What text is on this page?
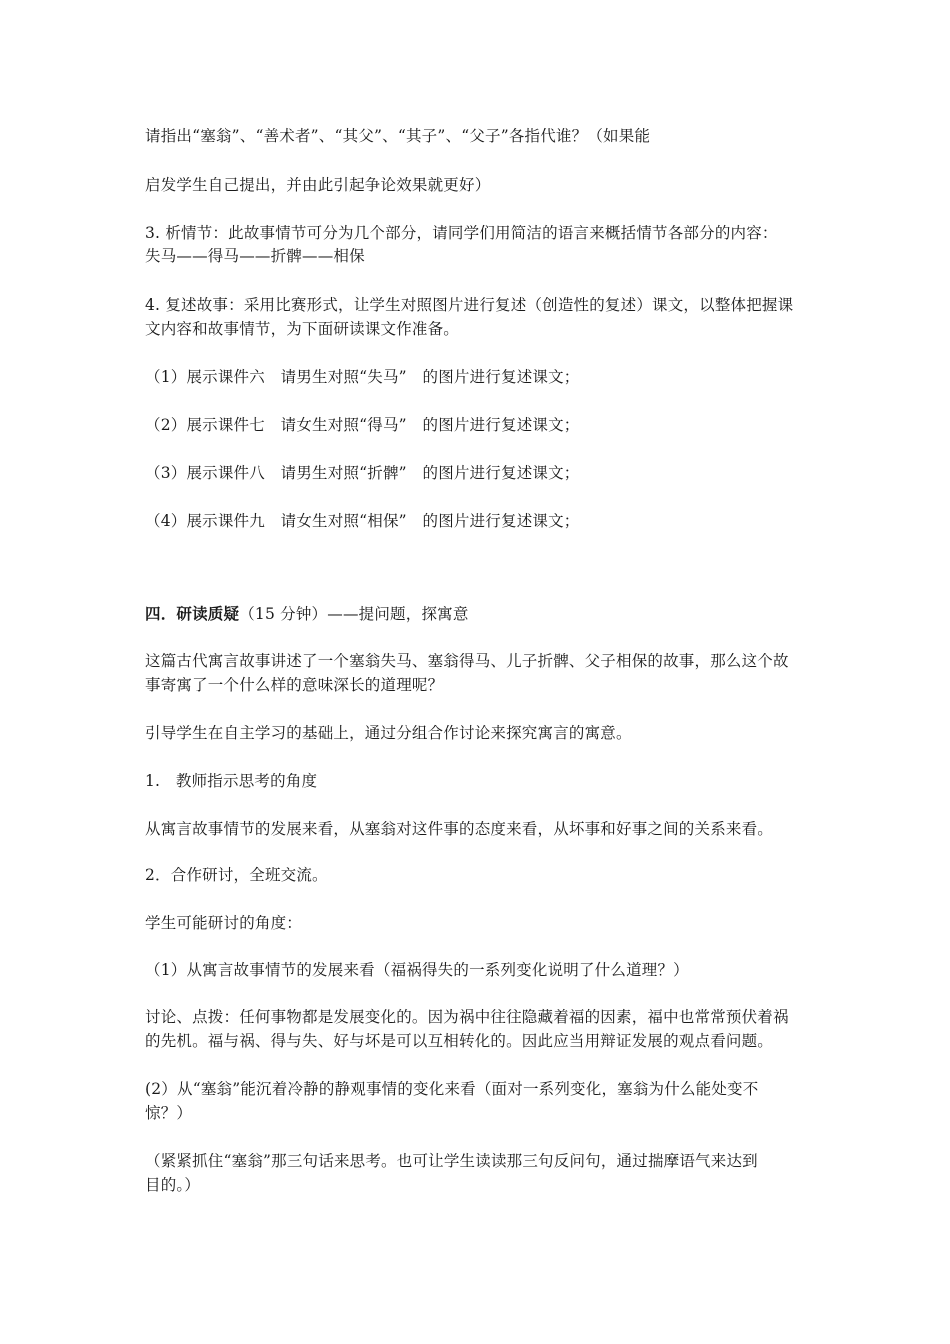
请指出“塞翁”、“善术者”、“其父”、“其子”、“父子”各指代谁？（如果能

启发学生自己提出，并由此引起争论效果就更好）

3. 析情节：此故事情节可分为几个部分，请同学们用简洁的语言来概括情节各部分的内容：

失马——得马——折髀——相保

4. 复述故事：采用比赛形式，让学生对照图片进行复述（创造性的复述）课文，以整体把握课

文内容和故事情节，为下面研读课文作准备。

（1）展示课件六　请男生对照“失马”　的图片进行复述课文；

（2）展示课件七　请女生对照“得马”　的图片进行复述课文；

（3）展示课件八　请男生对照“折髀”　的图片进行复述课文；

（4）展示课件九　请女生对照“相保”　的图片进行复述课文；

四．研读质疑（15 分钟）——提问题，探寓意

这篇古代寓言故事讲述了一个塞翁失马、塞翁得马、儿子折髀、父子相保的故事，那么这个故

事寄寓了一个什么样的意味深长的道理呢？

引导学生在自主学习的基础上，通过分组合作讨论来探究寓言的寓意。

1.　教师指示思考的角度

从寓言故事情节的发展来看，从塞翁对这件事的态度来看，从坏事和好事之间的关系来看。

2．合作研讨，全班交流。

学生可能研讨的角度：

（1）从寓言故事情节的发展来看（福祸得失的一系列变化说明了什么道理？）

讨论、点拨：任何事物都是发展变化的。因为祸中往往隐藏着福的因素，福中也常常预伏着祸

的先机。福与祸、得与失、好与坏是可以互相转化的。因此应当用辩证发展的观点看问题。

(2）从“塞翁”能沉着冷静的静观事情的变化来看（面对一系列变化，塞翁为什么能处变不

惊？）

（紧紧抓住“塞翁”那三句话来思考。也可让学生读读那三句反问句，通过揣摩语气来达到

目的。）
